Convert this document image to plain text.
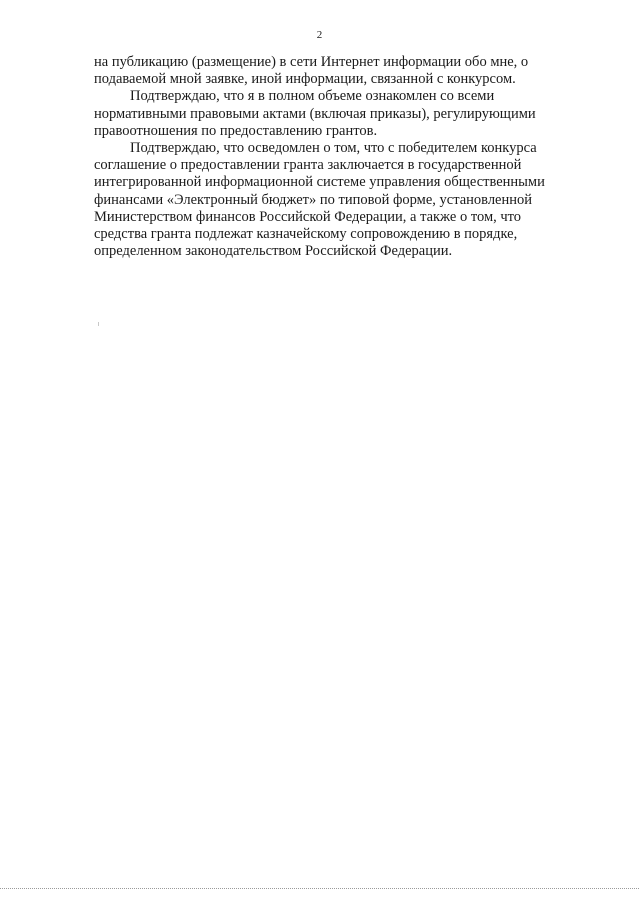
2
на публикацию (размещение) в сети Интернет информации обо мне, о
подаваемой мной заявке, иной информации, связанной с конкурсом.
Подтверждаю, что я в полном объеме ознакомлен со всеми
нормативными правовыми актами (включая приказы), регулирующими
правоотношения по предоставлению грантов.
Подтверждаю, что осведомлен о том, что с победителем конкурса
соглашение о предоставлении гранта заключается в государственной
интегрированной информационной системе управления общественными
финансами «Электронный бюджет» по типовой форме, установленной
Министерством финансов Российской Федерации, а также о том, что
средства гранта подлежат казначейскому сопровождению в порядке,
определенном законодательством Российской Федерации.
